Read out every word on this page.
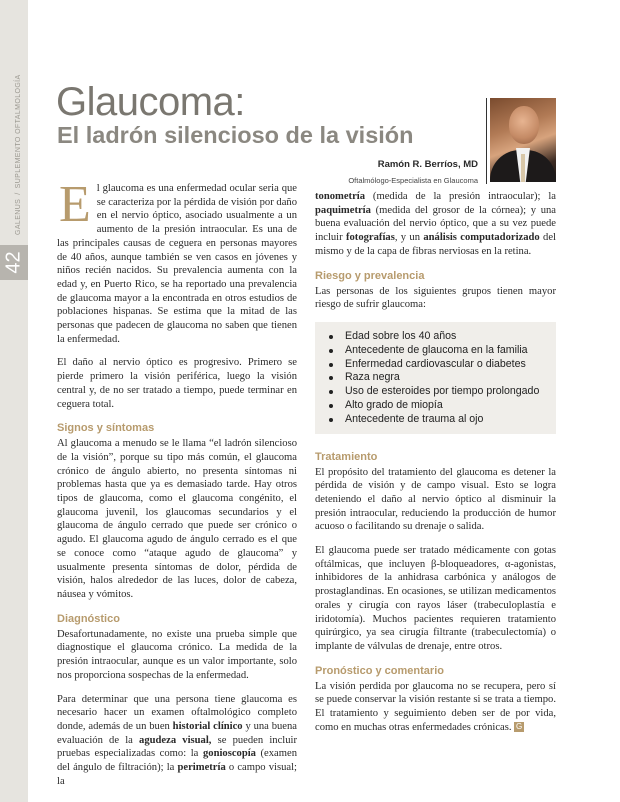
GALENUS/SUPLEMENTO OFTALMOLOGÍA
42
Glaucoma:
El ladrón silencioso de la visión
Ramón R. Berríos, MD
Oftalmólogo-Especialista en Glaucoma

El glaucoma es una enfermedad ocular seria que se caracteriza por la pérdida de visión por daño en el nervio óptico, asociado usualmente a un aumento de la presión intraocular. Es una de las principales causas de ceguera en personas mayores de 40 años, aunque también se ven casos en jóvenes y niños recién nacidos. Su prevalencia aumenta con la edad y, en Puerto Rico, se ha reportado una prevalencia de glaucoma mayor a la encontrada en otros estudios de poblaciones hispanas. Se estima que la mitad de las personas que padecen de glaucoma no saben que tienen la enfermedad.

El daño al nervio óptico es progresivo. Primero se pierde primero la visión periférica, luego la visión central y, de no ser tratado a tiempo, puede terminar en ceguera total.

Signos y síntomas

Al glaucoma a menudo se le llama “el ladrón silencioso de la visión”, porque su tipo más común, el glaucoma crónico de ángulo abierto, no presenta síntomas ni problemas hasta que ya es demasiado tarde. Hay otros tipos de glaucoma, como el glaucoma congénito, el glaucoma juvenil, los glaucomas secundarios y el glaucoma de ángulo cerrado que puede ser crónico o agudo. El glaucoma agudo de ángulo cerrado es el que se conoce como “ataque agudo de glaucoma” y usualmente presenta síntomas de dolor, pérdida de visión, halos alrededor de las luces, dolor de cabeza, náusea y vómitos.

Diagnóstico

Desafortunadamente, no existe una prueba simple que diagnostique el glaucoma crónico. La medida de la presión intraocular, aunque es un valor importante, solo nos proporciona sospechas de la enfermedad.

Para determinar que una persona tiene glaucoma es necesario hacer un examen oftalmológico completo donde, además de un buen historial clínico y una buena evaluación de la agudeza visual, se pueden incluir pruebas especializadas como: la gonioscopía (examen del ángulo de filtración); la perimetría o campo visual; la

tonometría (medida de la presión intraocular); la paquimetría (medida del grosor de la córnea); y una buena evaluación del nervio óptico, que a su vez puede incluir fotografías, y un análisis computadorizado del mismo y de la capa de fibras nerviosas en la retina.

Riesgo y prevalencia

Las personas de los siguientes grupos tienen mayor riesgo de sufrir glaucoma:

Edad sobre los 40 años
Antecedente de glaucoma en la familia
Enfermedad cardiovascular o diabetes
Raza negra
Uso de esteroides por tiempo prolongado
Alto grado de miopía
Antecedente de trauma al ojo
Tratamiento

El propósito del tratamiento del glaucoma es detener la pérdida de visión y de campo visual. Esto se logra deteniendo el daño al nervio óptico al disminuir la presión intraocular, reduciendo la producción de humor acuoso o facilitando su drenaje o salida.

El glaucoma puede ser tratado médicamente con gotas oftálmicas, que incluyen β-bloqueadores, α-agonistas, inhibidores de la anhidrasa carbónica y análogos de prostaglandinas. En ocasiones, se utilizan medicamentos orales y cirugía con rayos láser (trabeculoplastía e iridotomía). Muchos pacientes requieren tratamiento quirúrgico, ya sea cirugía filtrante (trabeculectomía) o implante de válvulas de drenaje, entre otros.

Pronóstico y comentario

La visión perdida por glaucoma no se recupera, pero sí se puede conservar la visión restante si se trata a tiempo. El tratamiento y seguimiento deben ser de por vida, como en muchas otras enfermedades crónicas. G
